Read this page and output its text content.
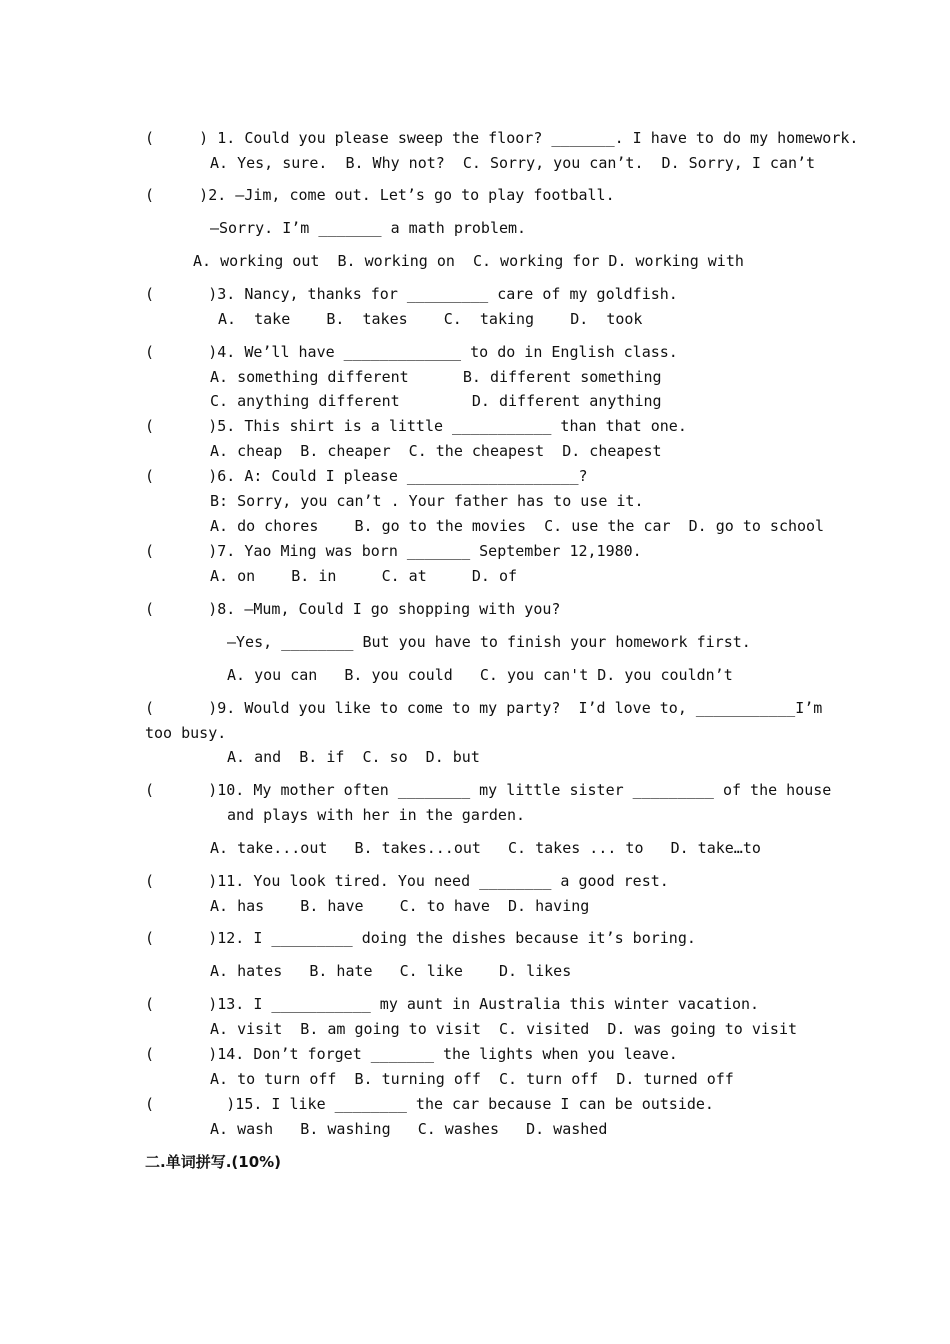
(     ) 1. Could you please sweep the floor? _______. I have to do my homework.
A. Yes, sure.  B. Why not?  C. Sorry, you can’t.  D. Sorry, I can’t
(     )2. —Jim, come out. Let’s go to play football.
—Sorry. I’m _______ a math problem.
A. working out  B. working on  C. working for D. working with
(      )3. Nancy, thanks for _________ care of my goldfish.
A.  take    B.  takes    C.  taking    D.  took
(      )4. We’ll have _____________ to do in English class.
A. something different      B. different something
C. anything different        D. different anything
(      )5. This shirt is a little ___________ than that one.
A. cheap  B. cheaper  C. the cheapest  D. cheapest
(      )6. A: Could I please ___________________?
B: Sorry, you can’t . Your father has to use it.
A. do chores    B. go to the movies  C. use the car  D. go to school
(      )7. Yao Ming was born _______ September 12,1980.
A. on    B. in     C. at     D. of
(      )8. —Mum, Could I go shopping with you?
—Yes, ________ But you have to finish your homework first.
A. you can   B. you could   C. you can't D. you couldn’t
(      )9. Would you like to come to my party?  I’d love to, ___________I’m
too busy.
A. and  B. if  C. so  D. but
(      )10. My mother often ________ my little sister _________ of the house
and plays with her in the garden.
A. take...out   B. takes...out   C. takes ... to   D. take…to
(      )11. You look tired. You need ________ a good rest.
A. has    B. have    C. to have  D. having
(      )12. I _________ doing the dishes because it’s boring.
A. hates   B. hate   C. like    D. likes
(      )13. I ___________ my aunt in Australia this winter vacation.
A. visit  B. am going to visit  C. visited  D. was going to visit
(      )14. Don’t forget _______ the lights when you leave.
A. to turn off  B. turning off  C. turn off  D. turned off
(        )15. I like ________ the car because I can be outside.
A. wash   B. washing   C. washes   D. washed
二.单词拼写.(10%)
